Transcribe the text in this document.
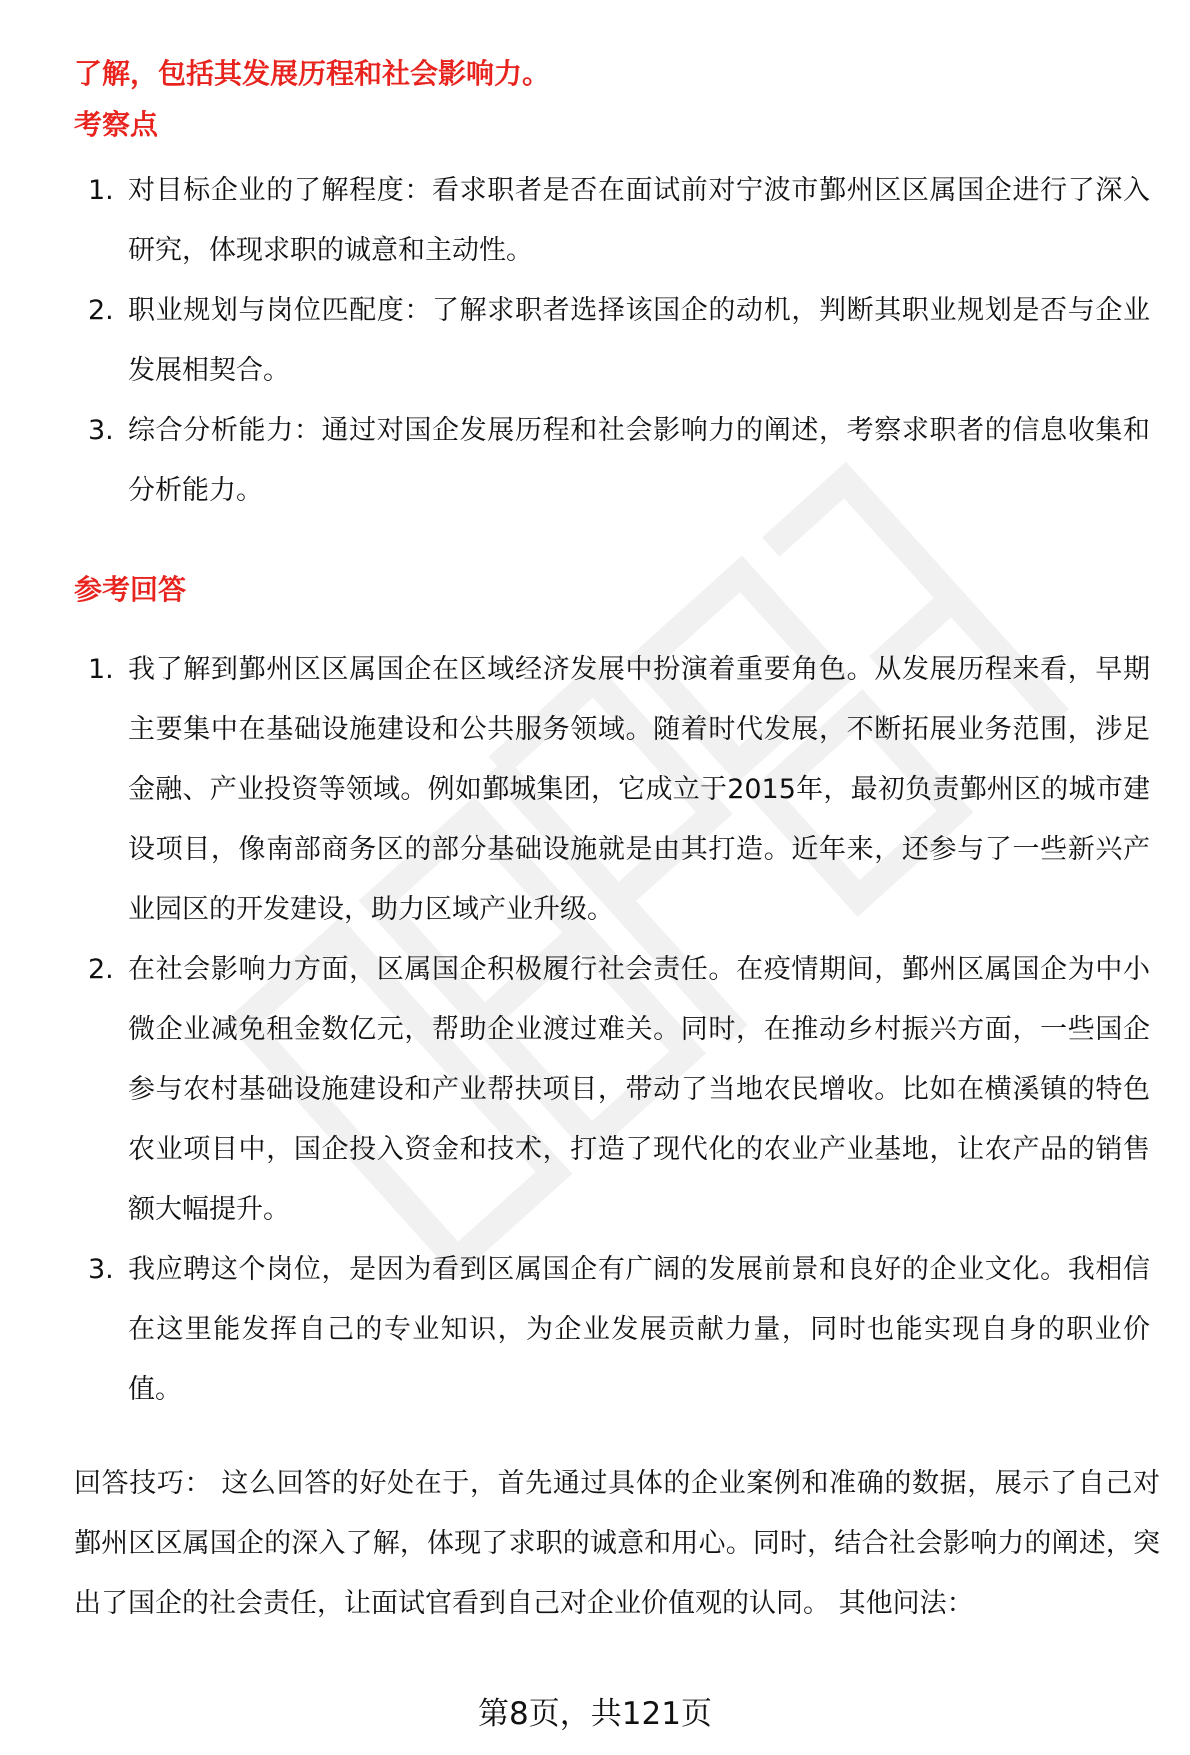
了解，包括其发展历程和社会影响力。
考察点
1. 对目标企业的了解程度：看求职者是否在面试前对宁波市鄞州区区属国企进行了深入研究，体现求职的诚意和主动性。
2. 职业规划与岗位匹配度：了解求职者选择该国企的动机，判断其职业规划是否与企业发展相契合。
3. 综合分析能力：通过对国企发展历程和社会影响力的阐述，考察求职者的信息收集和分析能力。
参考回答
1. 我了解到鄞州区区属国企在区域经济发展中扮演着重要角色。从发展历程来看，早期主要集中在基础设施建设和公共服务领域。随着时代发展，不断拓展业务范围，涉足金融、产业投资等领域。例如鄞城集团，它成立于2015年，最初负责鄞州区的城市建设项目，像南部商务区的部分基础设施就是由其打造。近年来，还参与了一些新兴产业园区的开发建设，助力区域产业升级。
2. 在社会影响力方面，区属国企积极履行社会责任。在疫情期间，鄞州区属国企为中小微企业减免租金数亿元，帮助企业渡过难关。同时，在推动乡村振兴方面，一些国企参与农村基础设施建设和产业帮扶项目，带动了当地农民增收。比如在横溪镇的特色农业项目中，国企投入资金和技术，打造了现代化的农业产业基地，让农产品的销售额大幅提升。
3. 我应聘这个岗位，是因为看到区属国企有广阔的发展前景和良好的企业文化。我相信在这里能发挥自己的专业知识，为企业发展贡献力量，同时也能实现自身的职业价值。
回答技巧： 这么回答的好处在于，首先通过具体的企业案例和准确的数据，展示了自己对鄞州区区属国企的深入了解，体现了求职的诚意和用心。同时，结合社会影响力的阐述，突出了国企的社会责任，让面试官看到自己对企业价值观的认同。 其他问法：
第8页，共121页
